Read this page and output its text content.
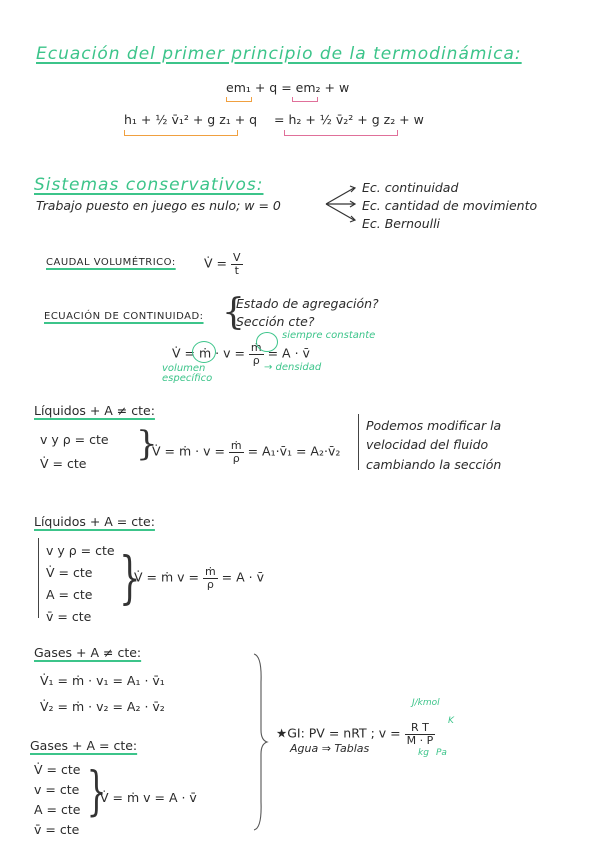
Ecuación del primer principio de la termodinámica:
em₁ + q = em₂ + w
h₁ + ½ v̄₁² + g z₁ + q = h₂ + ½ v̄₂² + g z₂ + w
Sistemas conservativos:
Trabajo puesto en juego es nulo; w = 0
Ec. continuidad
Ec. cantidad de movimiento
Ec. Bernoulli
CAUDAL VOLUMÉTRICO: V̇ = $\frac{V}{t}$
ECUACIÓN DE CONTINUIDAD: {
Estado de agregación?
Sección cte?
V̇ = ṁ · $v = \frac{\text{ṁ}}{\rho} = A$ · v̄
siempre constante
volumen específico
→ densidad
Líquidos + A ≠ cte:
v y ρ = cte
V̇ = cte }
V̇ = ṁ · $v = \frac{\text{ṁ}}{\rho}$ = A₁·v̄₁ = A₂·v̄₂
Podemos modificar la
velocidad del fluido
cambiando la sección
Líquidos + A = cte:
v y ρ = cte
V̇ = cte
A = cte
v̄ = cte
}
V̇ = ṁ $v = \frac{\text{ṁ}}{\rho} = A$ · v̄
Gases + A ≠ cte:
V̇₁ = ṁ · v₁ = A₁ · v̄₁
V̇₂ = ṁ · v₂ = A₂ · v̄₂
★GI: PV = nRT ; $v = \frac{\text{R T}}{M \cdot P}$
Agua ⇒ Tablas
J/kmol
K
kg Pa
Gases + A = cte:
V̇ = cte
v = cte
A = cte
v̄ = cte
}
V̇ = ṁ v = A · v̄
